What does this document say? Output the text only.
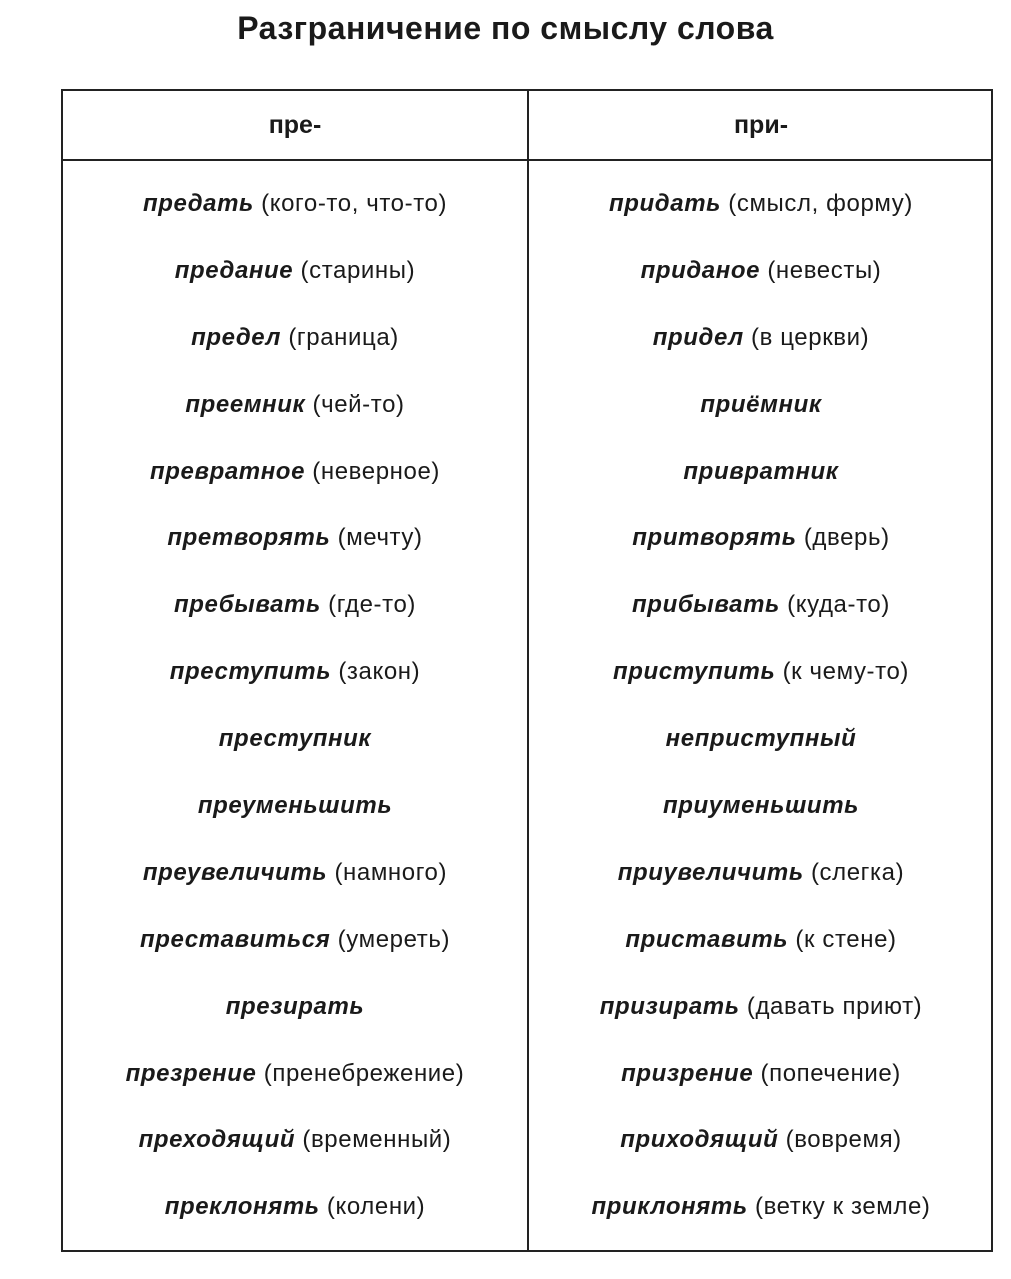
Разграничение по смыслу слова
пре-	при-
предать (кого-то, что-то)	придать (смысл, форму)
предание (старины)	приданое (невесты)
предел (граница)	придел (в церкви)
преемник (чей-то)	приёмник
превратное (неверное)	привратник
претворять (мечту)	притворять (дверь)
пребывать (где-то)	прибывать (куда-то)
преступить (закон)	приступить (к чему-то)
преступник	неприступный
преуменьшить	приуменьшить
преувеличить (намного)	приувеличить (слегка)
преставиться (умереть)	приставить (к стене)
презирать	призирать (давать приют)
презрение (пренебрежение)	призрение (попечение)
преходящий (временный)	приходящий (вовремя)
преклонять (колени)	приклонять (ветку к земле)
